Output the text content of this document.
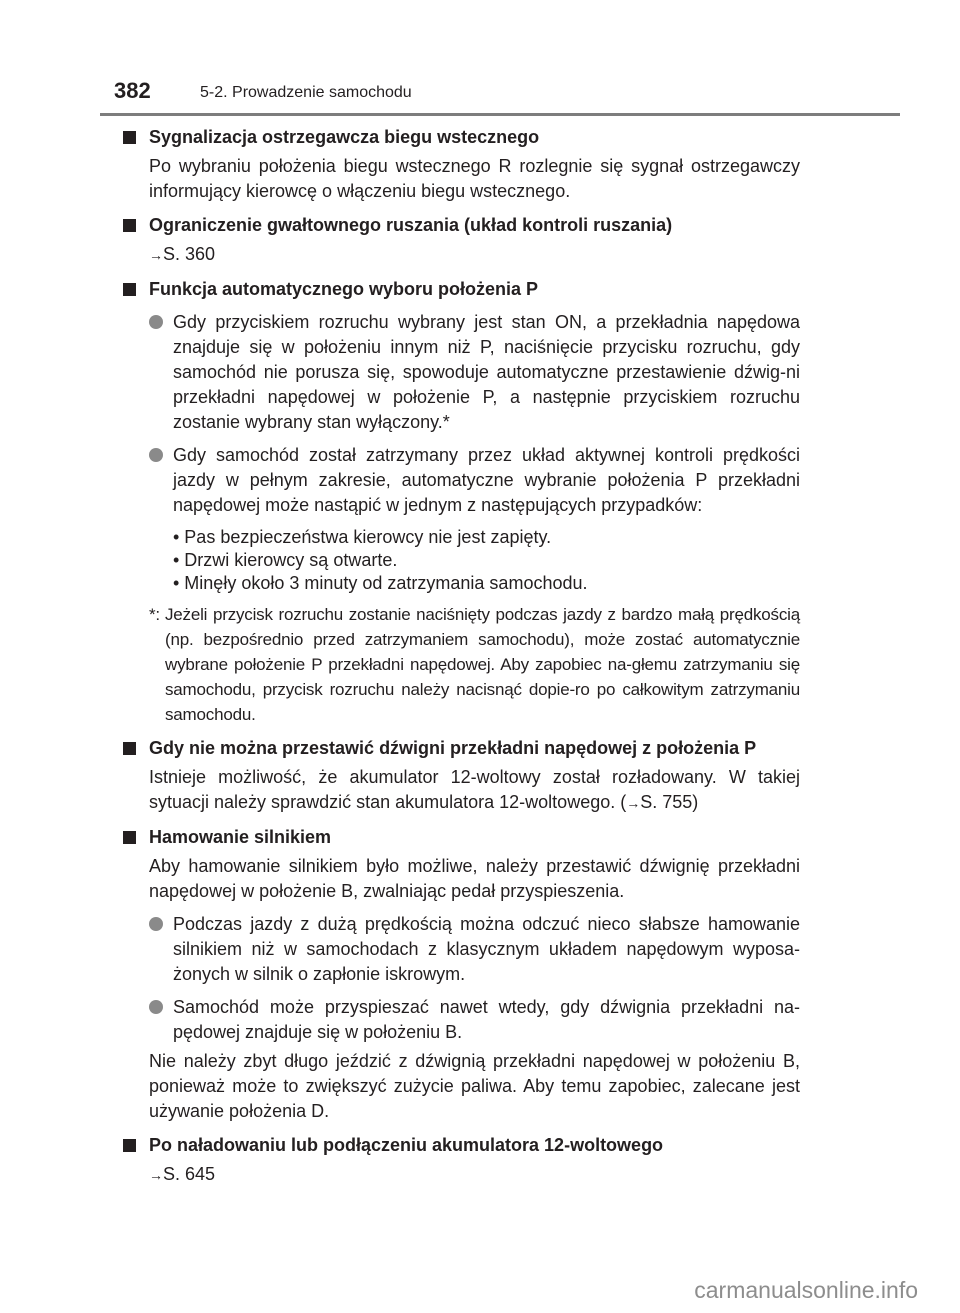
382	5-2. Prowadzenie samochodu
Sygnalizacja ostrzegawcza biegu wstecznego
Po wybraniu położenia biegu wstecznego R rozlegnie się sygnał ostrzegawczy informujący kierowcę o włączeniu biegu wstecznego.
Ograniczenie gwałtownego ruszania (układ kontroli ruszania)
→S. 360
Funkcja automatycznego wyboru położenia P
Gdy przyciskiem rozruchu wybrany jest stan ON, a przekładnia napędowa znajduje się w położeniu innym niż P, naciśnięcie przycisku rozruchu, gdy samochód nie porusza się, spowoduje automatyczne przestawienie dźwig-ni przekładni napędowej w położenie P, a następnie przyciskiem rozruchu zostanie wybrany stan wyłączony.*
Gdy samochód został zatrzymany przez układ aktywnej kontroli prędkości jazdy w pełnym zakresie, automatyczne wybranie położenia P przekładni napędowej może nastąpić w jednym z następujących przypadków:
• Pas bezpieczeństwa kierowcy nie jest zapięty.
• Drzwi kierowcy są otwarte.
• Minęły około 3 minuty od zatrzymania samochodu.
*: Jeżeli przycisk rozruchu zostanie naciśnięty podczas jazdy z bardzo małą prędkością (np. bezpośrednio przed zatrzymaniem samochodu), może zostać automatycznie wybrane położenie P przekładni napędowej. Aby zapobiec na-głemu zatrzymaniu się samochodu, przycisk rozruchu należy nacisnąć dopie-ro po całkowitym zatrzymaniu samochodu.
Gdy nie można przestawić dźwigni przekładni napędowej z położenia P
Istnieje możliwość, że akumulator 12-woltowy został rozładowany. W takiej sytuacji należy sprawdzić stan akumulatora 12-woltowego. (→S. 755)
Hamowanie silnikiem
Aby hamowanie silnikiem było możliwe, należy przestawić dźwignię przekładni napędowej w położenie B, zwalniając pedał przyspieszenia.
Podczas jazdy z dużą prędkością można odczuć nieco słabsze hamowanie silnikiem niż w samochodach z klasycznym układem napędowym wyposa-żonych w silnik o zapłonie iskrowym.
Samochód może przyspieszać nawet wtedy, gdy dźwignia przekładni na-pędowej znajduje się w położeniu B.
Nie należy zbyt długo jeździć z dźwignią przekładni napędowej w położeniu B, ponieważ może to zwiększyć zużycie paliwa. Aby temu zapobiec, zalecane jest używanie położenia D.
Po naładowaniu lub podłączeniu akumulatora 12-woltowego
→S. 645
carmanualsonline.info
